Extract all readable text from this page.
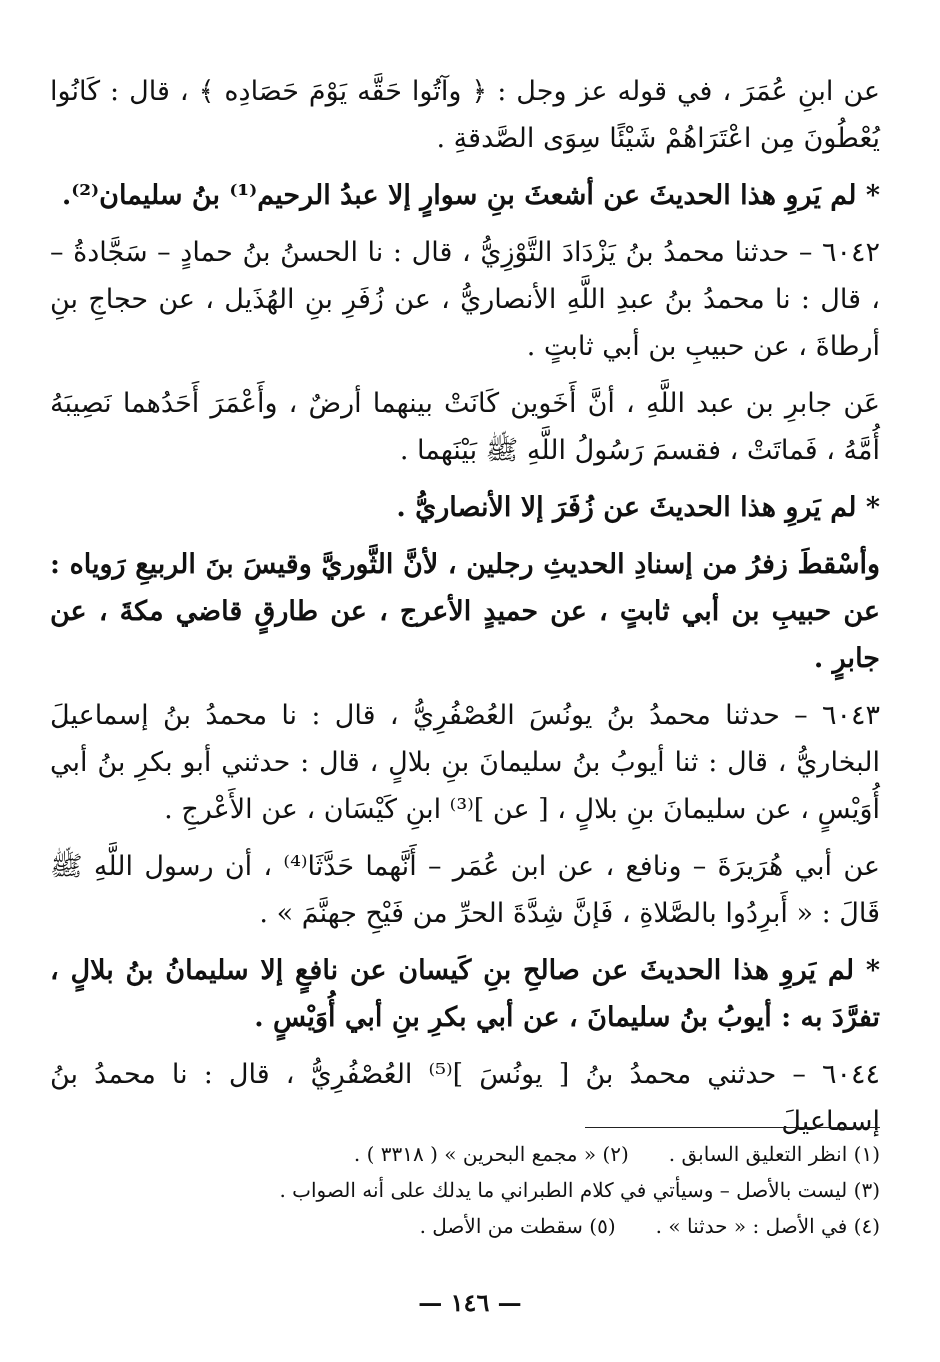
عن ابنِ عُمَرَ ، في قوله عز وجل : ﴿ وآتُوا حَقَّه يَوْمَ حَصَادِه ﴾ ، قال : كَانُوا يُعْطُونَ مِن اعْتَرَاهُمْ شَيْئًا سِوَى الصَّدقةِ .

* لم يَروِ هذا الحديثَ عن أشعثَ بنِ سوارٍ إلا عبدُ الرحيم⁽¹⁾ بنُ سليمان⁽²⁾.

٦٠٤٢ – حدثنا محمدُ بنُ يَزْدَادَ التَّوْزِيُّ ، قال : نا الحسنُ بنُ حمادٍ – سَجَّادةُ – ، قال : نا محمدُ بنُ عبدِ اللَّهِ الأنصاريُّ ، عن زُفَرِ بنِ الهُذَيل ، عن حجاجِ بنِ أرطاةَ ، عن حبيبِ بن أبي ثابتٍ .

عَن جابرِ بن عبد اللَّهِ ، أنَّ أَخَوين كَانَتْ بينهما أرضٌ ، وأَعْمَرَ أَحَدُهما نَصِيبَهُ أُمَّهُ ، فَماتَتْ ، فقسمَ رَسُولُ اللَّهِ ﷺ بَيْنَهما .

* لم يَروِ هذا الحديثَ عن زُفَرَ إلا الأنصاريُّ .

وأسْقطَ زفرُ من إسنادِ الحديثِ رجلين ، لأنَّ الثَّوريَّ وقيسَ بنَ الربيعِ رَوياه : عن حبيبِ بن أبي ثابتٍ ، عن حميدٍ الأعرج ، عن طارقٍ قاضي مكةَ ، عن جابرٍ .

٦٠٤٣ – حدثنا محمدُ بنُ يونُسَ العُصْفُرِيُّ ، قال : نا محمدُ بنُ إسماعيلَ البخاريُّ ، قال : ثنا أيوبُ بنُ سليمانَ بنِ بلالٍ ، قال : حدثني أبو بكرِ بنُ أبي أُوَيْسٍ ، عن سليمانَ بنِ بلالٍ ، [ عن ]⁽³⁾ ابنِ كَيْسَان ، عن الأَعْرجِ .

عن أبي هُرَيرَةَ – ونافع ، عن ابن عُمَر – أَنَّهما حَدَّثَا⁽⁴⁾ ، أن رسول اللَّهِ ﷺ قَالَ : « أَبرِدُوا بالصَّلاةِ ، فَإنَّ شِدَّةَ الحرِّ من فَيْحِ جهنَّمَ » .

* لم يَروِ هذا الحديثَ عن صالحِ بنِ كَيسان عن نافعٍ إلا سليمانُ بنُ بلالٍ ، تفرَّدَ به : أيوبُ بنُ سليمانَ ، عن أبي بكرِ بنِ أبي أُوَيْسٍ .

٦٠٤٤ – حدثني محمدُ بنُ [ يونُسَ ]⁽⁵⁾ العُصْفُرِيُّ ، قال : نا محمدُ بنُ إسماعيلَ

(١) انظر التعليق السابق .
(٢) « مجمع البحرين » ( ٣٣١٨ ) .
(٣) ليست بالأصل – وسيأتي في كلام الطبراني ما يدلك على أنه الصواب .
(٤) في الأصل : « حدثنا » .
(٥) سقطت من الأصل .
— ١٤٦ —
